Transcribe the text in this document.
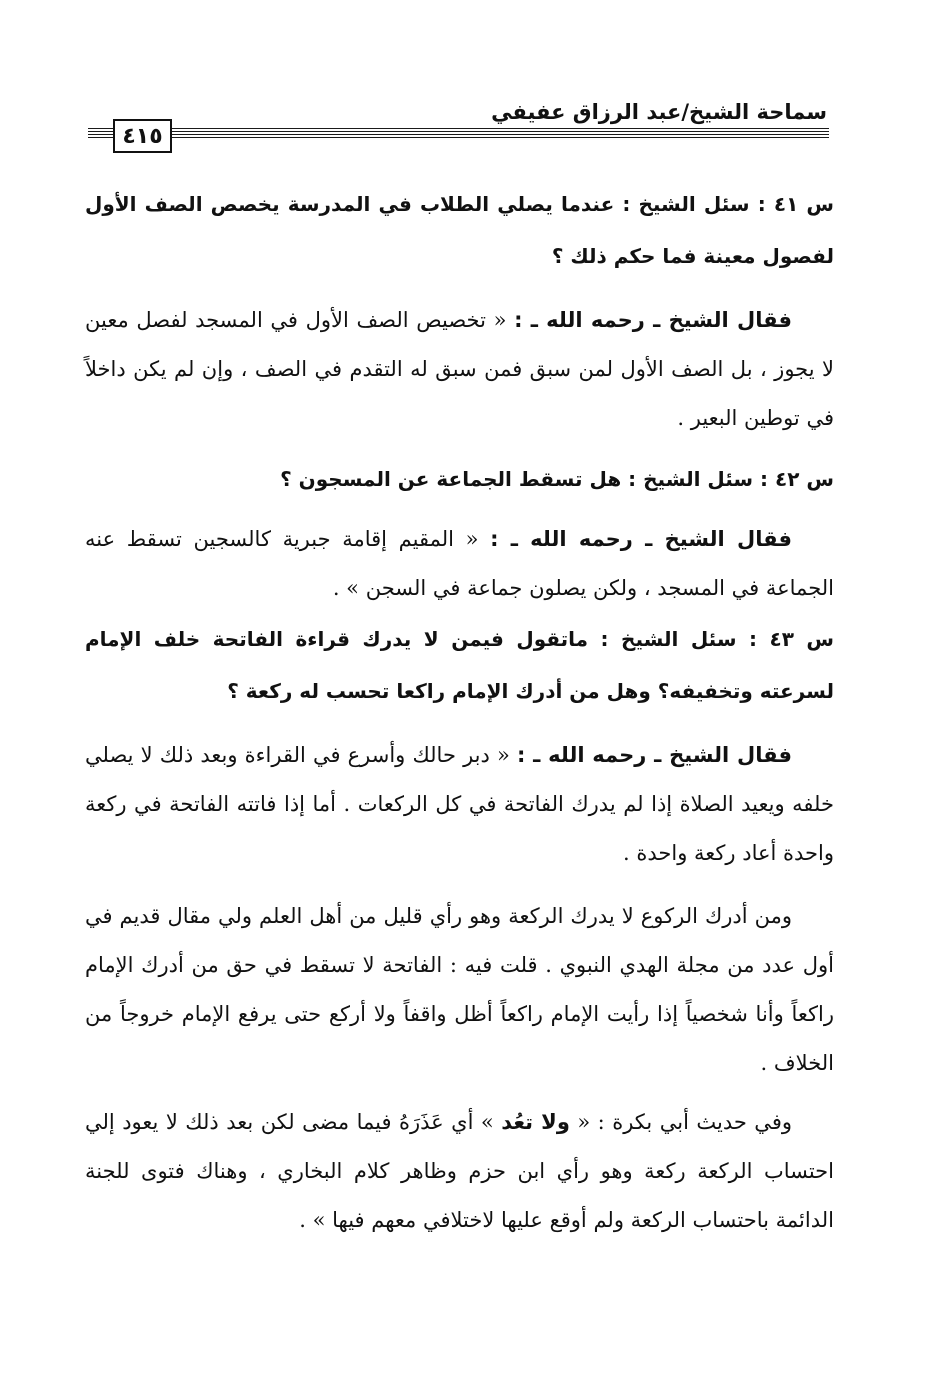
سماحة الشيخ/عبد الرزاق عفيفي
٤١٥

س ٤١ : سئل الشيخ : عندما يصلي الطلاب في المدرسة يخصص الصف الأول لفصول معينة فما حكم ذلك ؟

فقال الشيخ ـ رحمه الله ـ : « تخصيص الصف الأول في المسجد لفصل معين لا يجوز ، بل الصف الأول لمن سبق فمن سبق له التقدم في الصف ، وإن لم يكن داخلاً في توطين البعير .

س ٤٢ : سئل الشيخ : هل تسقط الجماعة عن المسجون ؟

فقال الشيخ ـ رحمه الله ـ : « المقيم إقامة جبرية كالسجين تسقط عنه الجماعة في المسجد ، ولكن يصلون جماعة في السجن » .

س ٤٣ : سئل الشيخ : ماتقول فيمن لا يدرك قراءة الفاتحة خلف الإمام لسرعته وتخفيفه؟ وهل من أدرك الإمام راكعا تحسب له ركعة ؟

فقال الشيخ ـ رحمه الله ـ : « دبر حالك وأسرع في القراءة وبعد ذلك لا يصلي خلفه ويعيد الصلاة إذا لم يدرك الفاتحة في كل الركعات . أما إذا فاتته الفاتحة في ركعة واحدة أعاد ركعة واحدة .

ومن أدرك الركوع لا يدرك الركعة وهو رأي قليل من أهل العلم ولي مقال قديم في أول عدد من مجلة الهدي النبوي . قلت فيه : الفاتحة لا تسقط في حق من أدرك الإمام راكعاً وأنا شخصياً إذا رأيت الإمام راكعاً أظل واقفاً ولا أركع حتى يرفع الإمام خروجاً من الخلاف .

وفي حديث أبي بكرة : « ولا تعُد » أي عَذَرَهُ فيما مضى لكن بعد ذلك لا يعود إلي احتساب الركعة ركعة وهو رأي ابن حزم وظاهر كلام البخاري ، وهناك فتوى للجنة الدائمة باحتساب الركعة ولم أوقع عليها لاختلافي معهم فيها » .
